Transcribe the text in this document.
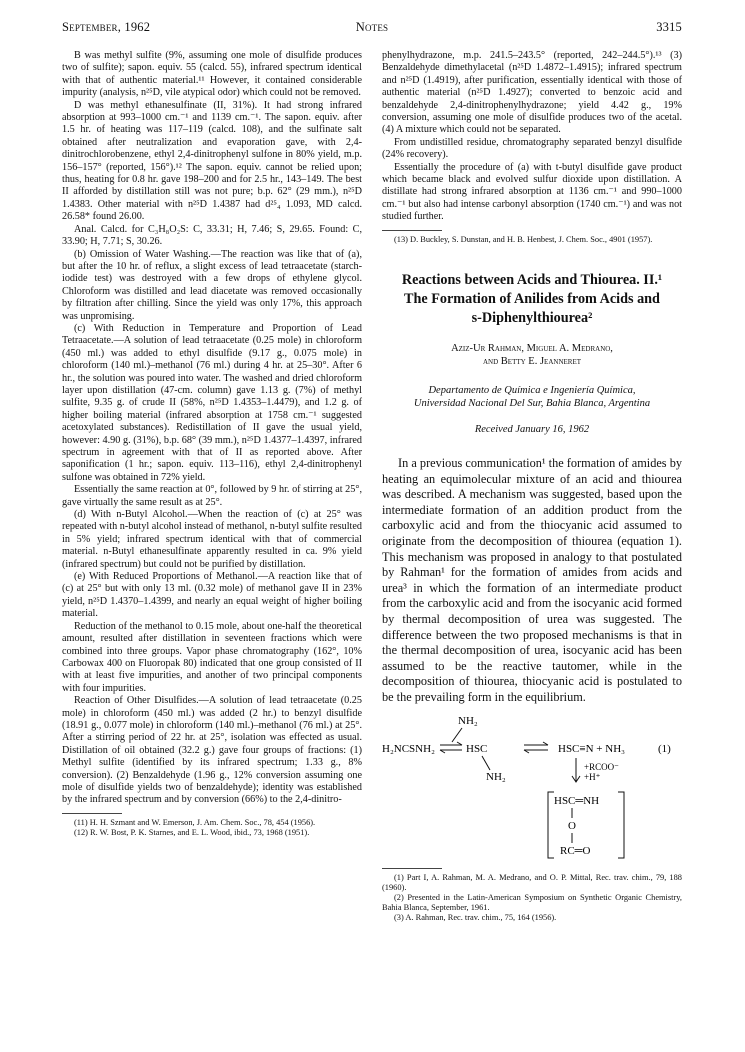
September, 1962	Notes	3315

B was methyl sulfite (9%, assuming one mole of disulfide produces two of sulfite); sapon. equiv. 55 (calcd. 55), infrared spectrum identical with that of authentic material.¹¹ However, it contained considerable impurity (analysis, n²⁵D, vile atypical odor) which could not be removed.

D was methyl ethanesulfinate (II, 31%). It had strong infrared absorption at 993–1000 cm.⁻¹ and 1139 cm.⁻¹. The sapon. equiv. after 1.5 hr. of heating was 117–119 (calcd. 108), and the sulfinate salt obtained after neutralization and evaporation gave, with 2,4-dinitrochlorobenzene, ethyl 2,4-dinitrophenyl sulfone in 80% yield, m.p. 156–157° (reported, 156°).¹² The sapon. equiv. cannot be relied upon; thus, heating for 0.8 hr. gave 198–200 and for 2.5 hr., 143–149. The best II afforded by distillation still was not pure; b.p. 62° (29 mm.), n²⁵D 1.4383. Other material with n²⁵D 1.4387 had d²⁵₄ 1.093, MD calcd. 26.58* found 26.00.

Anal. Calcd. for C₃H₈O₂S: C, 33.31; H, 7.46; S, 29.65. Found: C, 33.90; H, 7.71; S, 30.26.

(b) Omission of Water Washing.—The reaction was like that of (a), but after the 10 hr. of reflux, a slight excess of lead tetraacetate (starch-iodide test) was destroyed with a few drops of ethylene glycol. Chloroform was distilled and lead diacetate was removed occasionally by filtration after chilling. Since the yield was only 17%, this approach was unpromising.

(c) With Reduction in Temperature and Proportion of Lead Tetraacetate.—A solution of lead tetraacetate (0.25 mole) in chloroform (450 ml.) was added to ethyl disulfide (9.17 g., 0.075 mole) in chloroform (140 ml.)–methanol (76 ml.) during 4 hr. at 25–30°. After 6 hr., the solution was poured into water. The washed and dried chloroform layer upon distillation (47-cm. column) gave 1.13 g. (7%) of methyl sulfite, 9.35 g. of crude II (58%, n²⁵D 1.4353–1.4479), and 1.2 g. of higher boiling material (infrared absorption at 1758 cm.⁻¹ suggested acetoxylated substances). Redistillation of II gave the usual yield, however: 4.90 g. (31%), b.p. 68° (39 mm.), n²⁵D 1.4377–1.4397, infrared spectrum in agreement with that of II as reported above. After saponification (1 hr.; sapon. equiv. 113–116), ethyl 2,4-dinitrophenyl sulfone was obtained in 72% yield.

Essentially the same reaction at 0°, followed by 9 hr. of stirring at 25°, gave virtually the same result as at 25°.

(d) With n-Butyl Alcohol.—When the reaction of (c) at 25° was repeated with n-butyl alcohol instead of methanol, n-butyl sulfite resulted in 5% yield; infrared spectrum identical with that of commercial material. n-Butyl ethanesulfinate apparently resulted in ca. 9% yield (infrared spectrum) but could not be purified by distillation.

(e) With Reduced Proportions of Methanol.—A reaction like that of (c) at 25° but with only 13 ml. (0.32 mole) of methanol gave II in 23% yield, n²⁵D 1.4370–1.4399, and nearly an equal weight of higher boiling material.

Reduction of the methanol to 0.15 mole, about one-half the theoretical amount, resulted after distillation in seventeen fractions which were combined into three groups. Vapor phase chromatography (162°, 10% Carbowax 400 on Fluoropak 80) indicated that one group consisted of II with at least five impurities, and another of two principal components with four impurities.

Reaction of Other Disulfides.—A solution of lead tetraacetate (0.25 mole) in chloroform (450 ml.) was added (2 hr.) to benzyl disulfide (18.91 g., 0.077 mole) in chloroform (140 ml.)–methanol (76 ml.) at 25°. After a stirring period of 22 hr. at 25°, isolation was effected as usual. Distillation of oil obtained (32.2 g.) gave four groups of fractions: (1) Methyl sulfite (identified by its infrared spectrum; 1.33 g., 8% conversion). (2) Benzaldehyde (1.96 g., 12% conversion assuming one mole of disulfide yields two of benzaldehyde); identity was established by the infrared spectrum and by conversion (66%) to the 2,4-dinitro-

(11) H. H. Szmant and W. Emerson, J. Am. Chem. Soc., 78, 454 (1956).

(12) R. W. Bost, P. K. Starnes, and E. L. Wood, ibid., 73, 1968 (1951).

phenylhydrazone, m.p. 241.5–243.5° (reported, 242–244.5°).¹³ (3) Benzaldehyde dimethylacetal (n²⁵D 1.4872–1.4915); infrared spectrum and n²⁵D (1.4919), after purification, essentially identical with those of authentic material (n²⁵D 1.4927); converted to benzoic acid and benzaldehyde 2,4-dinitrophenylhydrazone; yield 4.42 g., 19% conversion, assuming one mole of disulfide produces two of the acetal. (4) A mixture which could not be separated.

From undistilled residue, chromatography separated benzyl disulfide (24% recovery).

Essentially the procedure of (a) with t-butyl disulfide gave product which became black and evolved sulfur dioxide upon distillation. A distillate had strong infrared absorption at 1136 cm.⁻¹ and 990–1000 cm.⁻¹ but also had intense carbonyl absorption (1740 cm.⁻¹) and was not studied further.

(13) D. Buckley, S. Dunstan, and H. B. Henbest, J. Chem. Soc., 4901 (1957).

Reactions between Acids and Thiourea. II.¹
The Formation of Anilides from Acids and
s-Diphenylthiourea²
Aziz-Ur Rahman, Miguel A. Medrano,
and Betty E. Jeanneret
Departamento de Química e Ingeniería Química,
Universidad Nacional Del Sur, Bahia Blanca, Argentina
Received January 16, 1962

In a previous communication¹ the formation of amides by heating an equimolecular mixture of an acid and thiourea was described. A mechanism was suggested, based upon the intermediate formation of an addition product from the carboxylic acid and from the thiocyanic acid assumed to originate from the decomposition of thiourea (equation 1). This mechanism was proposed in analogy to that postulated by Rahman¹ for the formation of amides from acids and urea³ in which the formation of an intermediate product from the carboxylic acid and from the isocyanic acid formed by thermal decomposition of urea was suggested. The difference between the two proposed mechanisms is that in the thermal decomposition of urea, isocyanic acid has been assumed to be the reactive tautomer, while in the decomposition of thiourea, thiocyanic acid is postulated to be the prevailing form in the equilibrium.

NH₂
H₂NCSNH₂	HSC
NH₂
HSC≡N + NH₃	(1)
+RCOO⁻
+H⁺
HSC═NH
O
RC═O

(1) Part I, A. Rahman, M. A. Medrano, and O. P. Mittal, Rec. trav. chim., 79, 188 (1960).

(2) Presented in the Latin-American Symposium on Synthetic Organic Chemistry, Bahia Blanca, September, 1961.

(3) A. Rahman, Rec. trav. chim., 75, 164 (1956).
